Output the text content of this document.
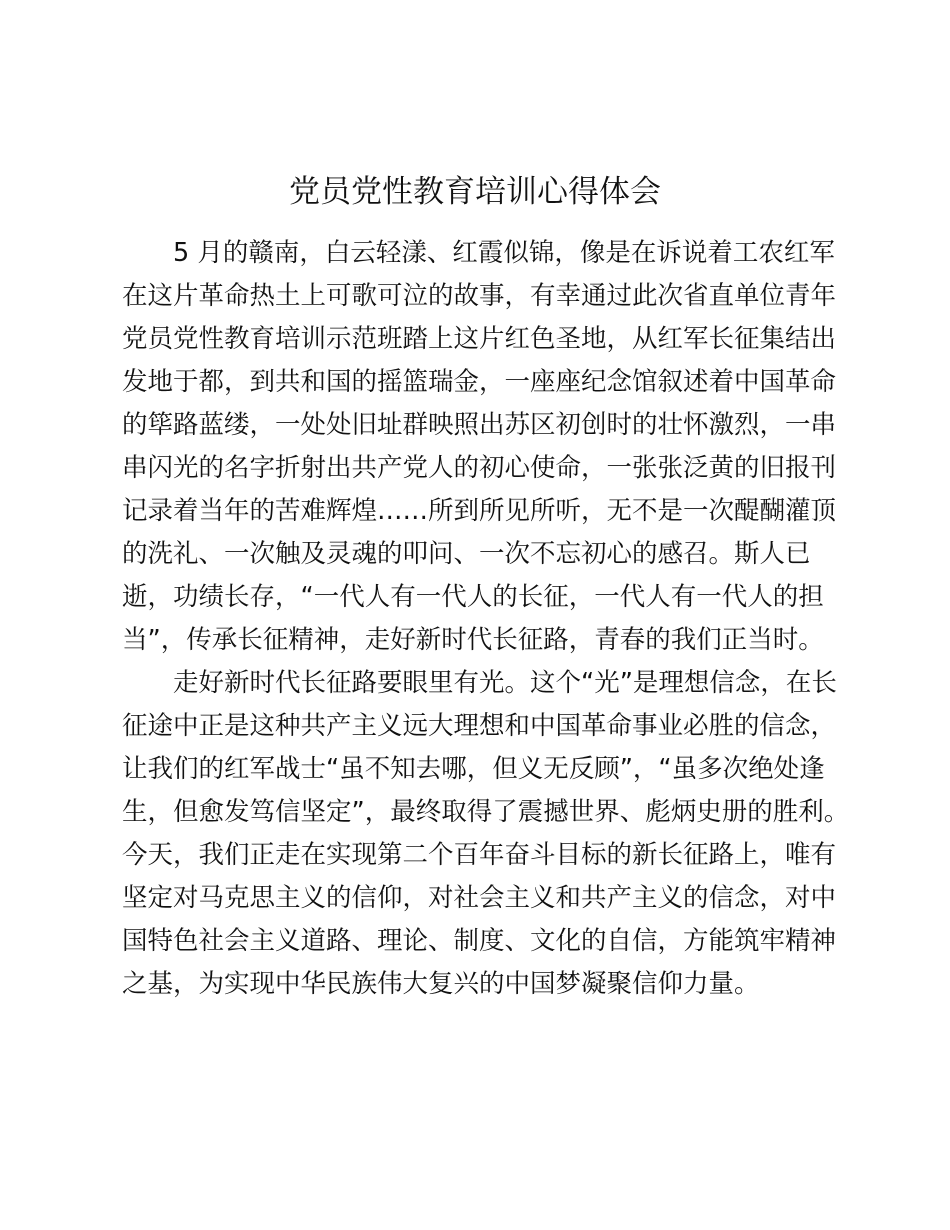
党员党性教育培训心得体会
　　5 月的赣南，白云轻漾、红霞似锦，像是在诉说着工农红军
在这片革命热土上可歌可泣的故事，有幸通过此次省直单位青年
党员党性教育培训示范班踏上这片红色圣地，从红军长征集结出
发地于都，到共和国的摇篮瑞金，一座座纪念馆叙述着中国革命
的筚路蓝缕，一处处旧址群映照出苏区初创时的壮怀激烈，一串
串闪光的名字折射出共产党人的初心使命，一张张泛黄的旧报刊
记录着当年的苦难辉煌……所到所见所听，无不是一次醍醐灌顶
的洗礼、一次触及灵魂的叩问、一次不忘初心的感召。斯人已
逝，功绩长存，“一代人有一代人的长征，一代人有一代人的担
当”，传承长征精神，走好新时代长征路，青春的我们正当时。
　　走好新时代长征路要眼里有光。这个“光”是理想信念，在长
征途中正是这种共产主义远大理想和中国革命事业必胜的信念，
让我们的红军战士“虽不知去哪，但义无反顾”，“虽多次绝处逢
生，但愈发笃信坚定”，最终取得了震撼世界、彪炳史册的胜利。
今天，我们正走在实现第二个百年奋斗目标的新长征路上，唯有
坚定对马克思主义的信仰，对社会主义和共产主义的信念，对中
国特色社会主义道路、理论、制度、文化的自信，方能筑牢精神
之基，为实现中华民族伟大复兴的中国梦凝聚信仰力量。
